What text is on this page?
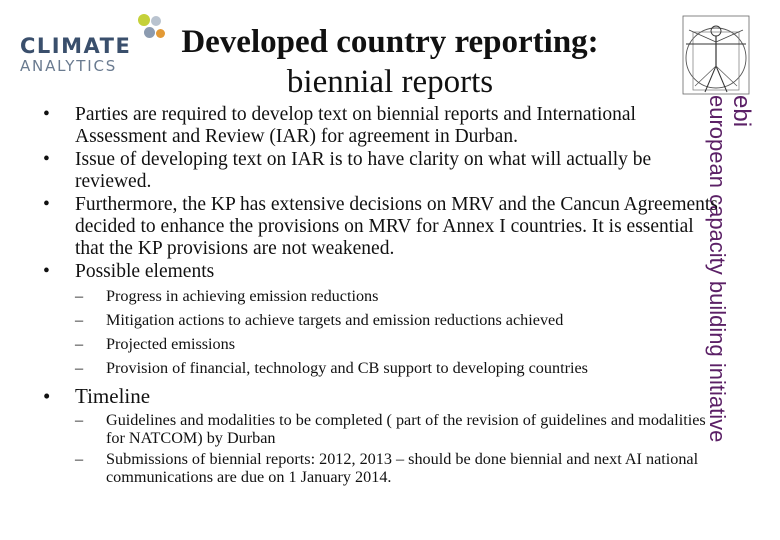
CLIMATE
ANALYTICS
Developed country reporting:
biennial reports
ebi
european capacity building initiative
• Parties are required to develop text on biennial reports and International Assessment and Review (IAR) for agreement in Durban.
• Issue of developing text on IAR is to have clarity on what will actually be reviewed.
• Furthermore, the KP has extensive decisions on MRV and the Cancun Agreements decided to enhance the provisions on MRV for Annex I countries. It is essential that the KP provisions are not weakened.
• Possible elements
– Progress in achieving emission reductions
– Mitigation actions to achieve targets and emission reductions achieved
– Projected emissions
– Provision of financial, technology and CB support to developing countries
• Timeline
– Guidelines and modalities to be completed ( part of the revision of guidelines and modalities for NATCOM) by Durban
– Submissions of biennial reports: 2012, 2013 – should be done biennial and next AI national communications are due on 1 January 2014.
